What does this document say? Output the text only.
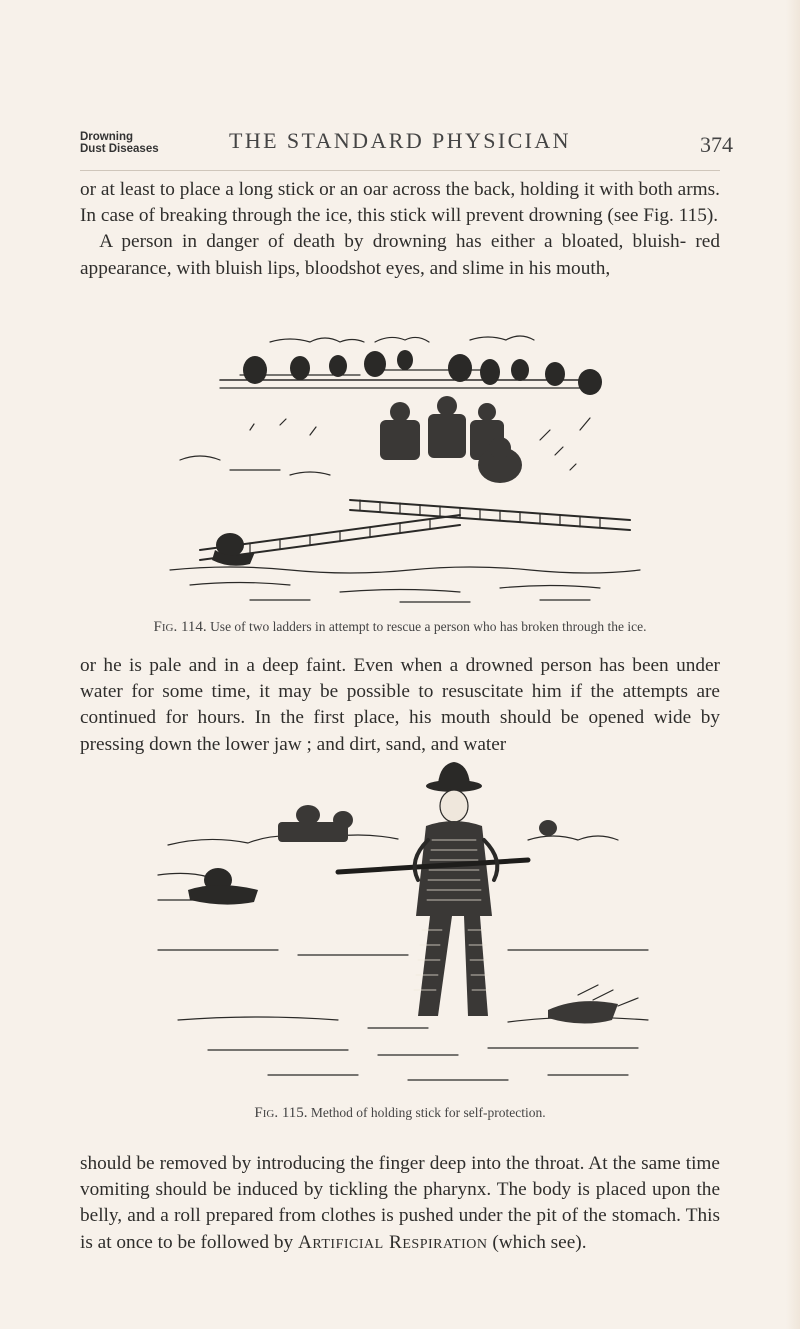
Drowning
Dust Diseases	THE STANDARD PHYSICIAN	374

or at least to place a long stick or an oar across the back, holding it with both arms. In case of breaking through the ice, this stick will prevent drowning (see Fig. 115).
 A person in danger of death by drowning has either a bloated, bluish- red appearance, with bluish lips, bloodshot eyes, and slime in his mouth,

Fig. 114. Use of two ladders in attempt to rescue a person who has broken through the ice.

or he is pale and in a deep faint. Even when a drowned person has been under water for some time, it may be possible to resuscitate him if the attempts are continued for hours. In the first place, his mouth should be opened wide by pressing down the lower jaw ; and dirt, sand, and water

Fig. 115. Method of holding stick for self-protection.

should be removed by introducing the finger deep into the throat. At the same time vomiting should be induced by tickling the pharynx. The body is placed upon the belly, and a roll prepared from clothes is pushed under the pit of the stomach. This is at once to be followed by Artificial Respiration (which see).
